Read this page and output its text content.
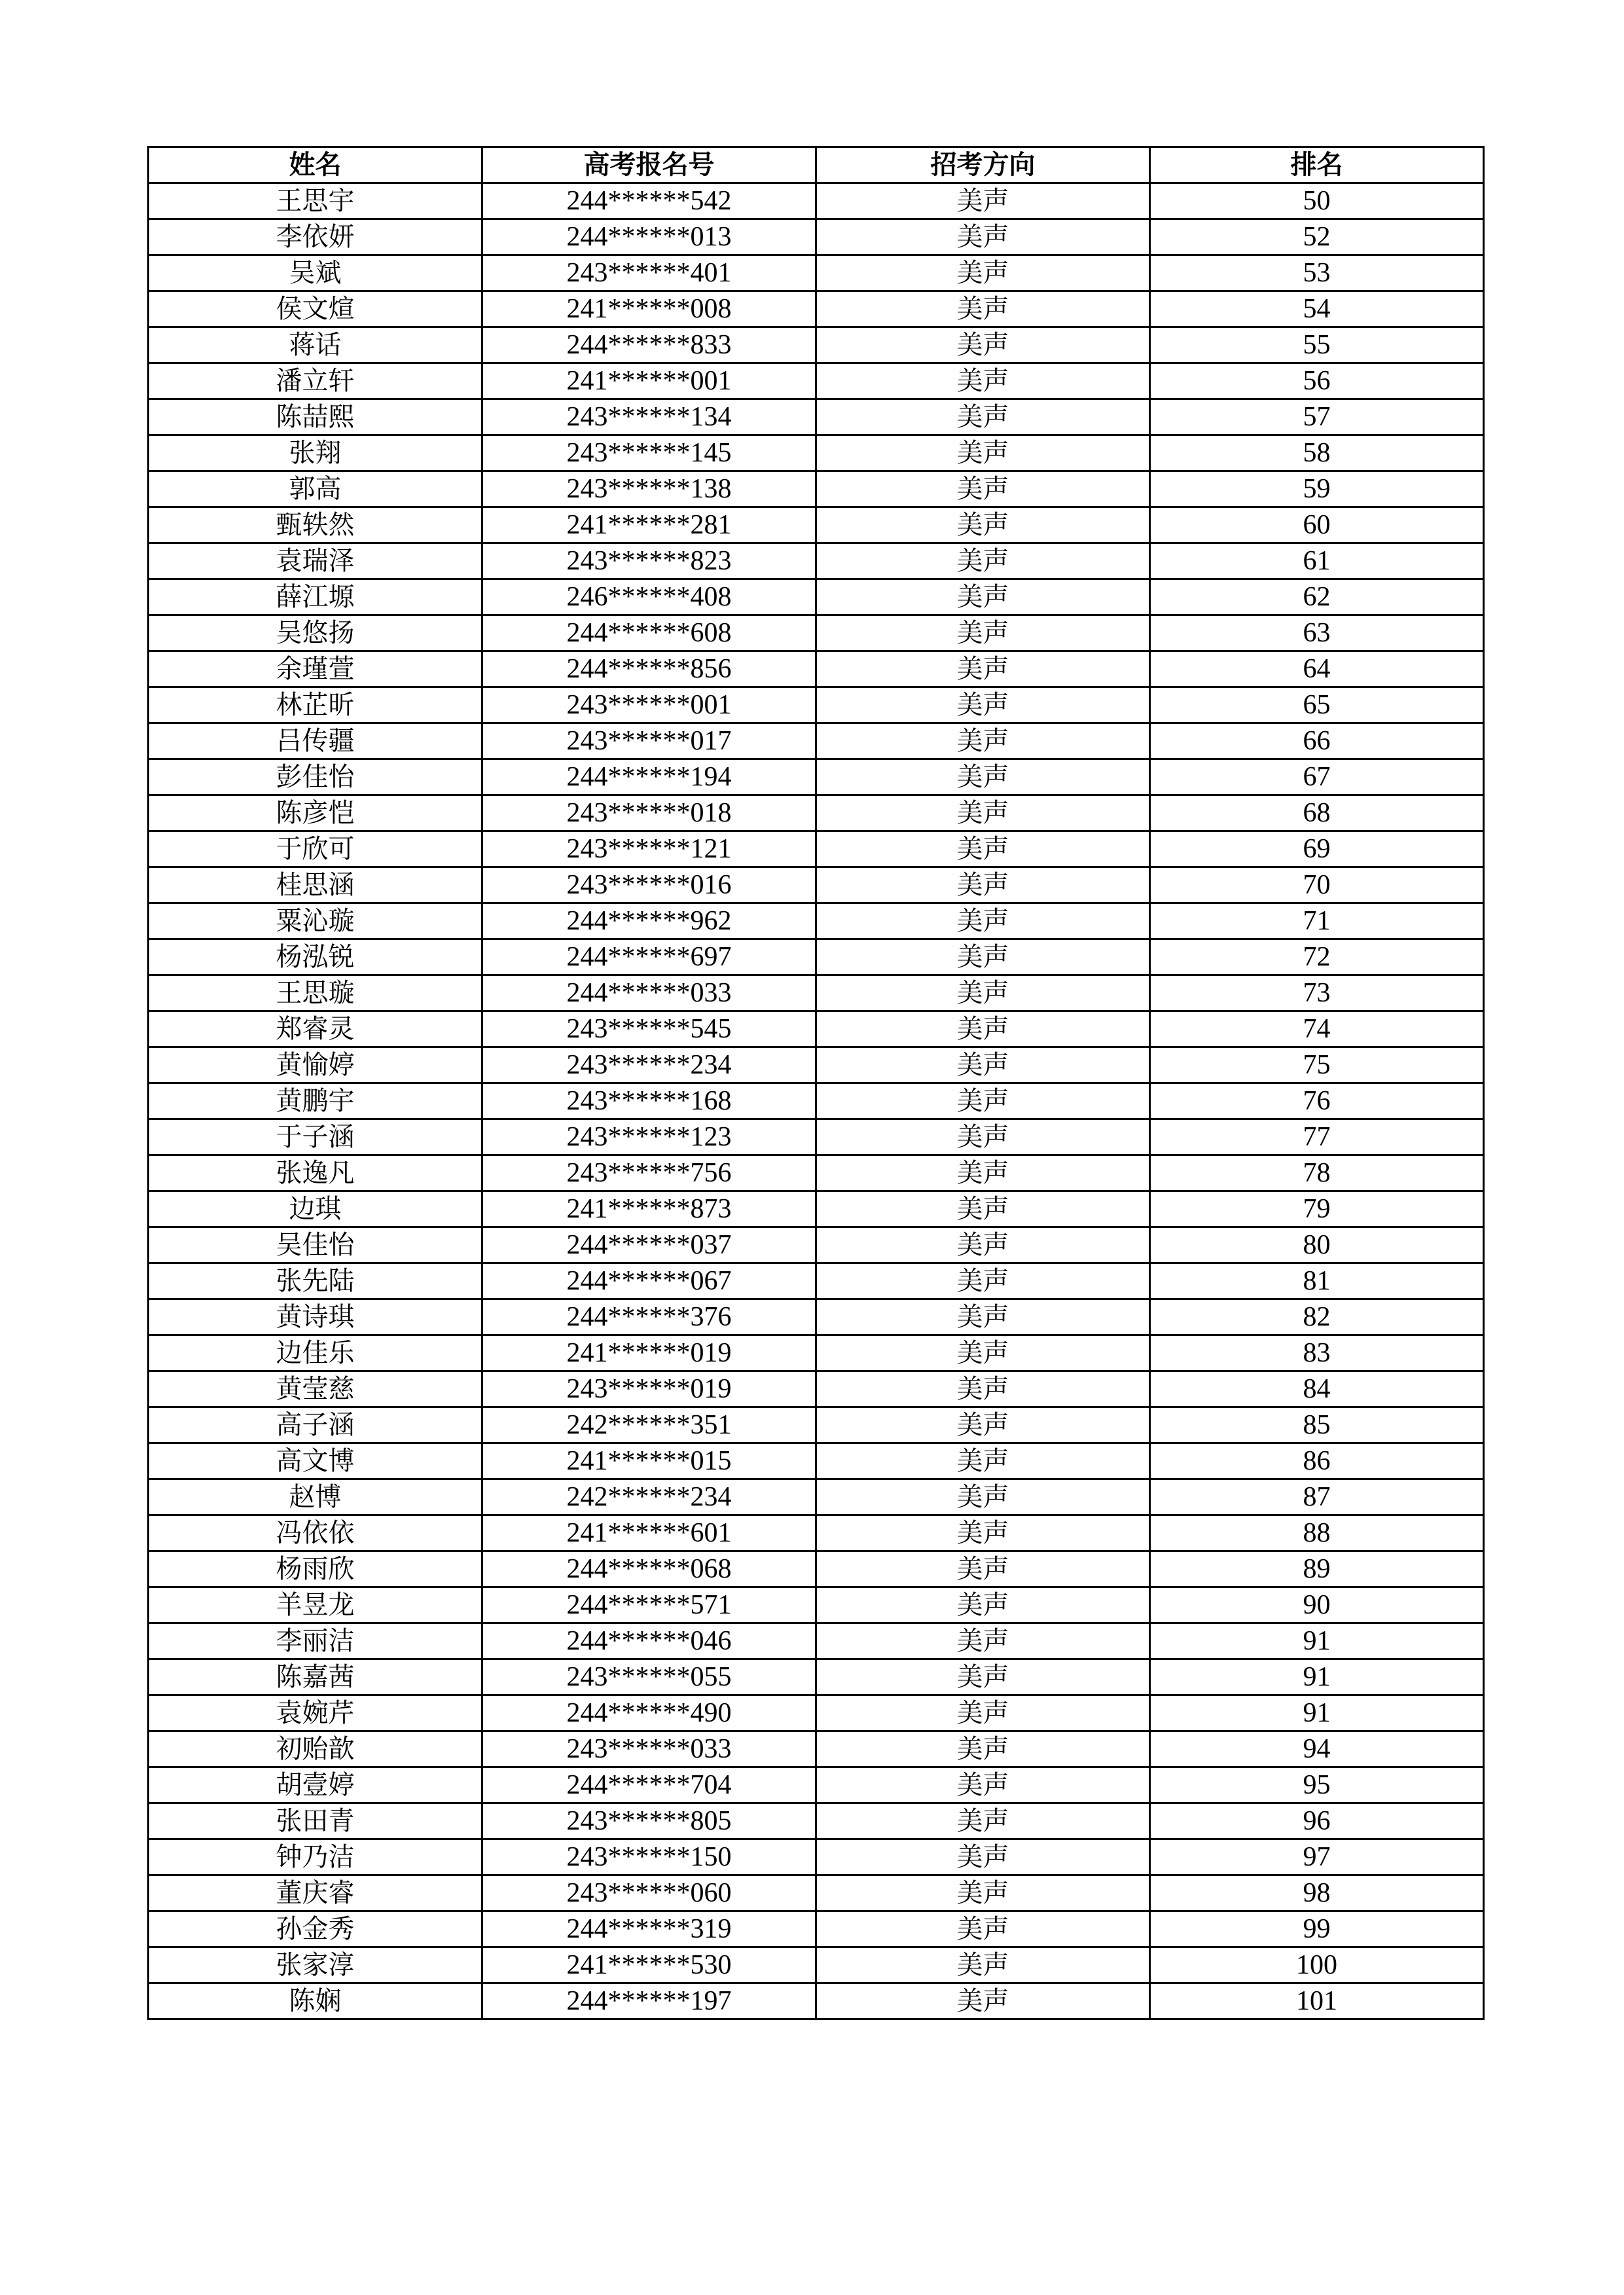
姓名	高考报名号	招考方向	排名
王思宇	244******542	美声	50
李依妍	244******013	美声	52
吴斌	243******401	美声	53
侯文煊	241******008	美声	54
蒋话	244******833	美声	55
潘立轩	241******001	美声	56
陈喆熙	243******134	美声	57
张翔	243******145	美声	58
郭高	243******138	美声	59
甄轶然	241******281	美声	60
袁瑞泽	243******823	美声	61
薛江塬	246******408	美声	62
吴悠扬	244******608	美声	63
余瑾萱	244******856	美声	64
林芷昕	243******001	美声	65
吕传疆	243******017	美声	66
彭佳怡	244******194	美声	67
陈彦恺	243******018	美声	68
于欣可	243******121	美声	69
桂思涵	243******016	美声	70
粟沁璇	244******962	美声	71
杨泓锐	244******697	美声	72
王思璇	244******033	美声	73
郑睿灵	243******545	美声	74
黄愉婷	243******234	美声	75
黄鹏宇	243******168	美声	76
于子涵	243******123	美声	77
张逸凡	243******756	美声	78
边琪	241******873	美声	79
吴佳怡	244******037	美声	80
张先陆	244******067	美声	81
黄诗琪	244******376	美声	82
边佳乐	241******019	美声	83
黄莹慈	243******019	美声	84
高子涵	242******351	美声	85
高文博	241******015	美声	86
赵博	242******234	美声	87
冯依依	241******601	美声	88
杨雨欣	244******068	美声	89
羊昱龙	244******571	美声	90
李丽洁	244******046	美声	91
陈嘉茜	243******055	美声	91
袁婉芹	244******490	美声	91
初贻歆	243******033	美声	94
胡壹婷	244******704	美声	95
张田青	243******805	美声	96
钟乃洁	243******150	美声	97
董庆睿	243******060	美声	98
孙金秀	244******319	美声	99
张家淳	241******530	美声	100
陈娴	244******197	美声	101
